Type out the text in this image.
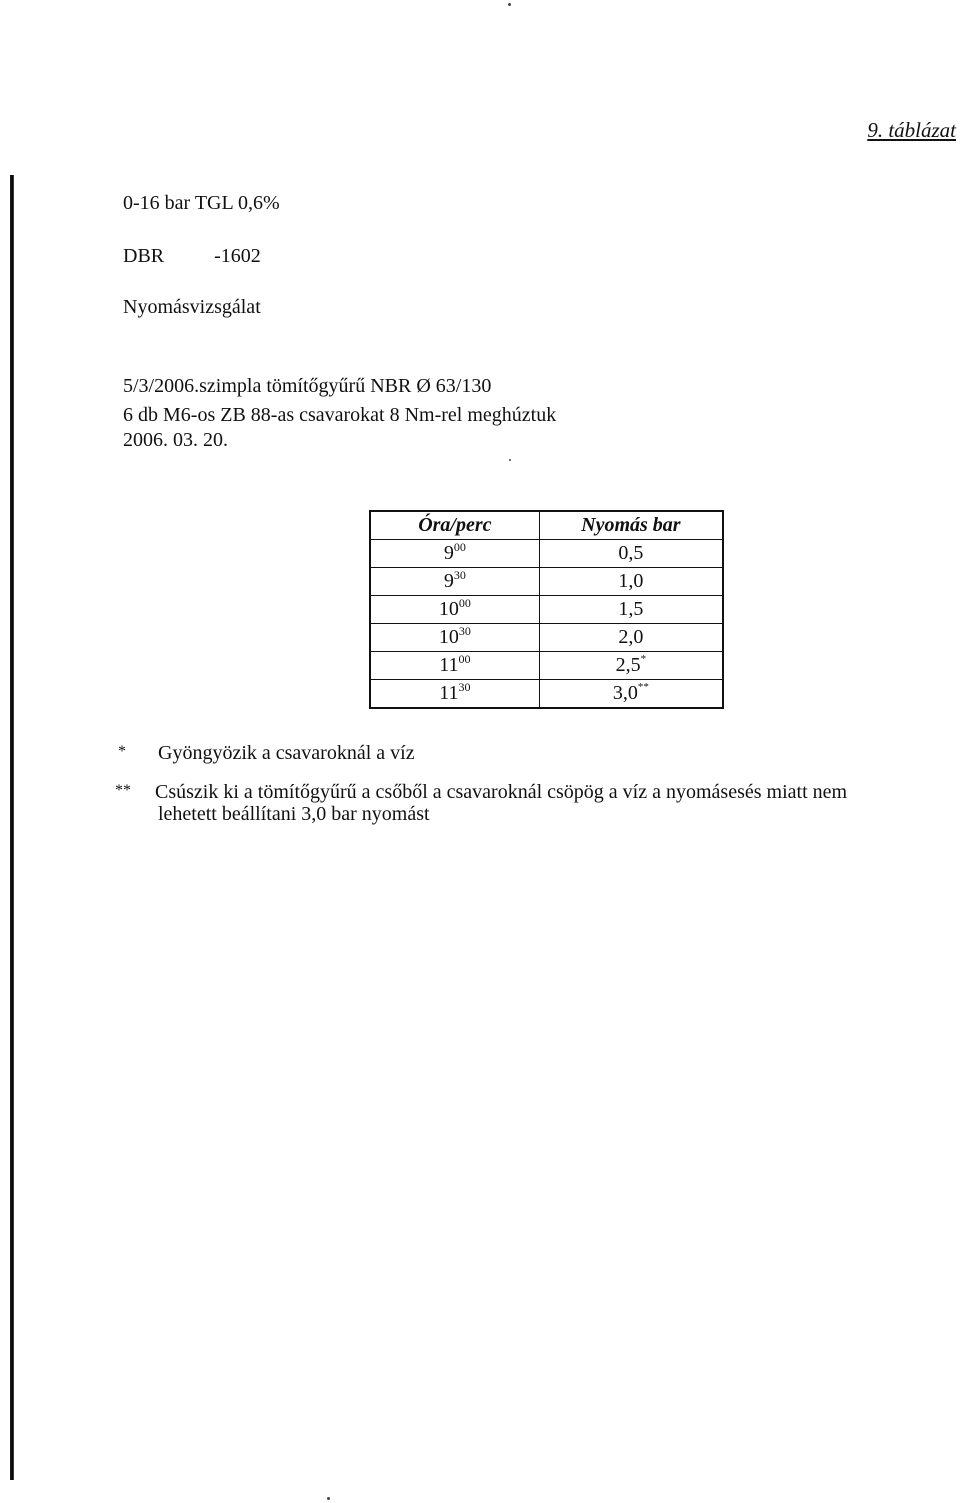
9. táblázat
0-16 bar TGL 0,6%
DBR	-1602
Nyomásvizsgálat
5/3/2006.szimpla tömítőgyűrű NBR Ø 63/130
6 db M6-os ZB 88-as csavarokat 8 Nm-rel meghúztuk
2006. 03. 20.
Óra/perc	Nyomás bar
$9^{00}$	0,5
$9^{30}$	1,0
$10^{00}$	1,5
$10^{30}$	2,0
$11^{00}$	2,5*
$11^{30}$	3,0**
* Gyöngyözik a csavaroknál a víz
** Csúszik ki a tömítőgyűrű a csőből a csavaroknál csöpög a víz a nyomásesés miatt nem
lehetett beállítani 3,0 bar nyomást
